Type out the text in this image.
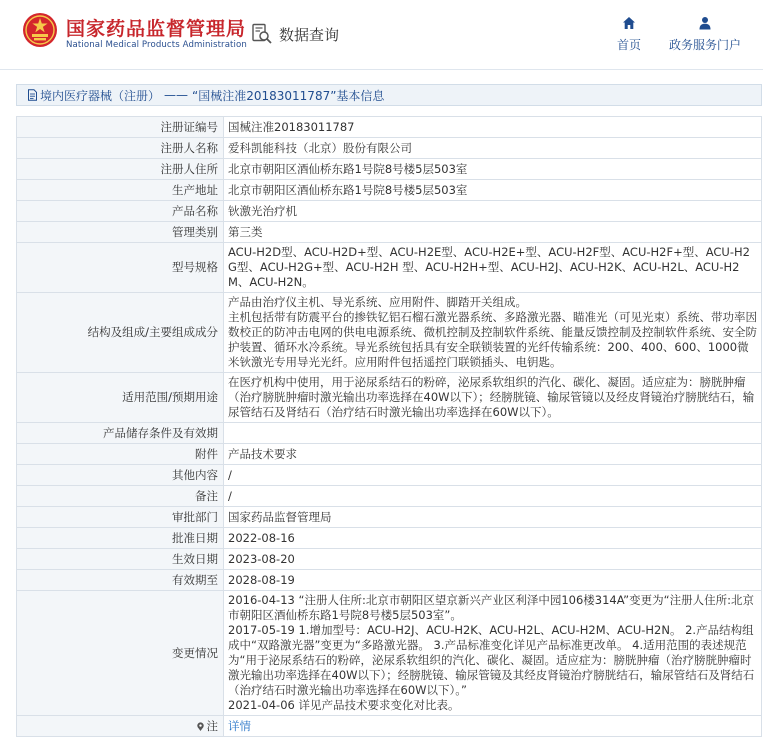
国家药品监督管理局
National Medical Products Administration
数据查询
首页	政务服务门户
境内医疗器械（注册） —— “国械注准20183011787”基本信息
注册证编号	国械注准20183011787
注册人名称	爱科凯能科技（北京）股份有限公司
注册人住所	北京市朝阳区酒仙桥东路1号院8号楼5层503室
生产地址	北京市朝阳区酒仙桥东路1号院8号楼5层503室
产品名称	钬激光治疗机
管理类别	第三类
型号规格	ACU-H2D型、ACU-H2D+型、ACU-H2E型、ACU-H2E+型、ACU-H2F型、ACU-H2F+型、ACU-H2G型、ACU-H2G+型、ACU-H2H 型、ACU-H2H+型、ACU-H2J、ACU-H2K、ACU-H2L、ACU-H2M、ACU-H2N。
结构及组成/主要组成成分	产品由治疗仪主机、导光系统、应用附件、脚踏开关组成。
主机包括带有防震平台的掺铁钇铝石榴石激光器系统、多路激光器、瞄准光（可见光束）系统、带功率因数校正的防冲击电网的供电电源系统、微机控制及控制软件系统、能量反馈控制及控制软件系统、安全防护装置、循环水冷系统。导光系统包括具有安全联锁装置的光纤传输系统：200、400、600、1000微米钬激光专用导光光纤。应用附件包括遥控门联锁插头、电钥匙。
适用范围/预期用途	在医疗机构中使用，用于泌尿系结石的粉碎，泌尿系软组织的汽化、碳化、凝固。适应症为：膀胱肿瘤（治疗膀胱肿瘤时激光输出功率选择在40W以下）；经膀胱镜、输尿管镜以及经皮肾镜治疗膀胱结石，输尿管结石及肾结石（治疗结石时激光输出功率选择在60W以下）。
产品储存条件及有效期	
附件	产品技术要求
其他内容	/
备注	/
审批部门	国家药品监督管理局
批准日期	2022-08-16
生效日期	2023-08-20
有效期至	2028-08-19
变更情况	2016-04-13 “注册人住所:北京市朝阳区望京新兴产业区利泽中园106楼314A”变更为“注册人住所:北京市朝阳区酒仙桥东路1号院8号楼5层503室”。
2017-05-19 1.增加型号：ACU-H2J、ACU-H2K、ACU-H2L、ACU-H2M、ACU-H2N。 2.产品结构组成中“双路激光器”变更为“多路激光器。 3.产品标准变化详见产品标准更改单。 4.适用范围的表述规范为“用于泌尿系结石的粉碎，泌尿系软组织的汽化、碳化、凝固。适应症为：膀胱肿瘤（治疗膀胱肿瘤时激光输出功率选择在40W以下）；经膀胱镜、输尿管镜及其经皮肾镜治疗膀胱结石，输尿管结石及肾结石（治疗结石时激光输出功率选择在60W以下）。”
2021-04-06 详见产品技术要求变化对比表。
注	详情
